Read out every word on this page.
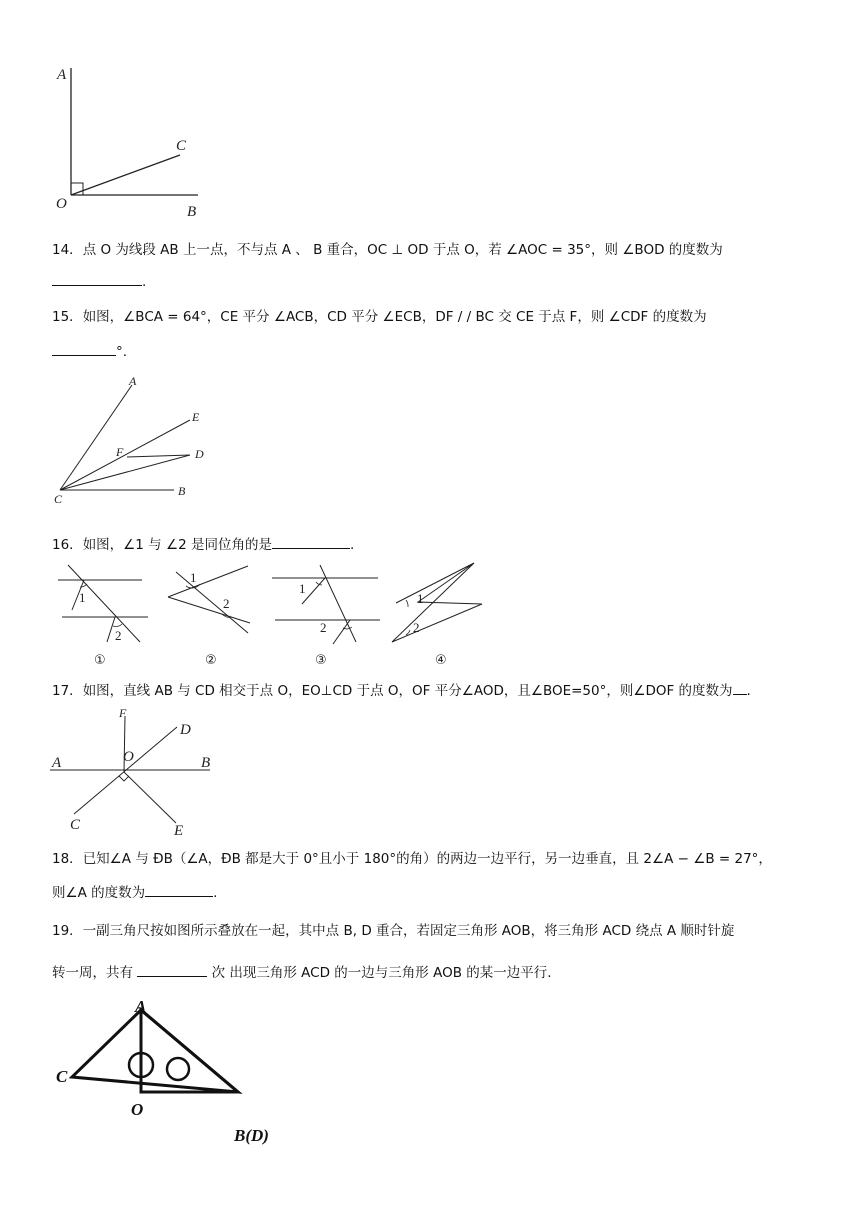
A
C
O	B
14．点 O 为线段 AB 上一点，不与点 A 、 B 重合，OC ⊥ OD 于点 O，若 ∠AOC = 35°，则 ∠BOD 的度数为
.
15．如图，∠BCA = 64°，CE 平分 ∠ACB，CD 平分 ∠ECB，DF / / BC 交 CE 于点 F，则 ∠CDF 的度数为
°.
A
E
F	D
C
B
16．如图，∠1 与 ∠2 是同位角的是	.
1
2
①
1
2
②
1
2
③
1
2
④
17．如图，直线 AB 与 CD 相交于点 O，EO⊥CD 于点 O，OF 平分∠AOD，且∠BOE=50°，则∠DOF 的度数为 .
F
D
O
A	B
C	E
18．已知∠A 与 ÐB（∠A，ÐB 都是大于 0°且小于 180°的角）的两边一边平行，另一边垂直，且 2∠A − ∠B = 27°，
则∠A 的度数为	.
19．一副三角尺按如图所示叠放在一起，其中点 B, D 重合，若固定三角形 AOB，将三角形 ACD 绕点 A 顺时针旋
转一周，共有	次 出现三角形 ACD 的一边与三角形 AOB 的某一边平行.
A
C
O
B(D)
